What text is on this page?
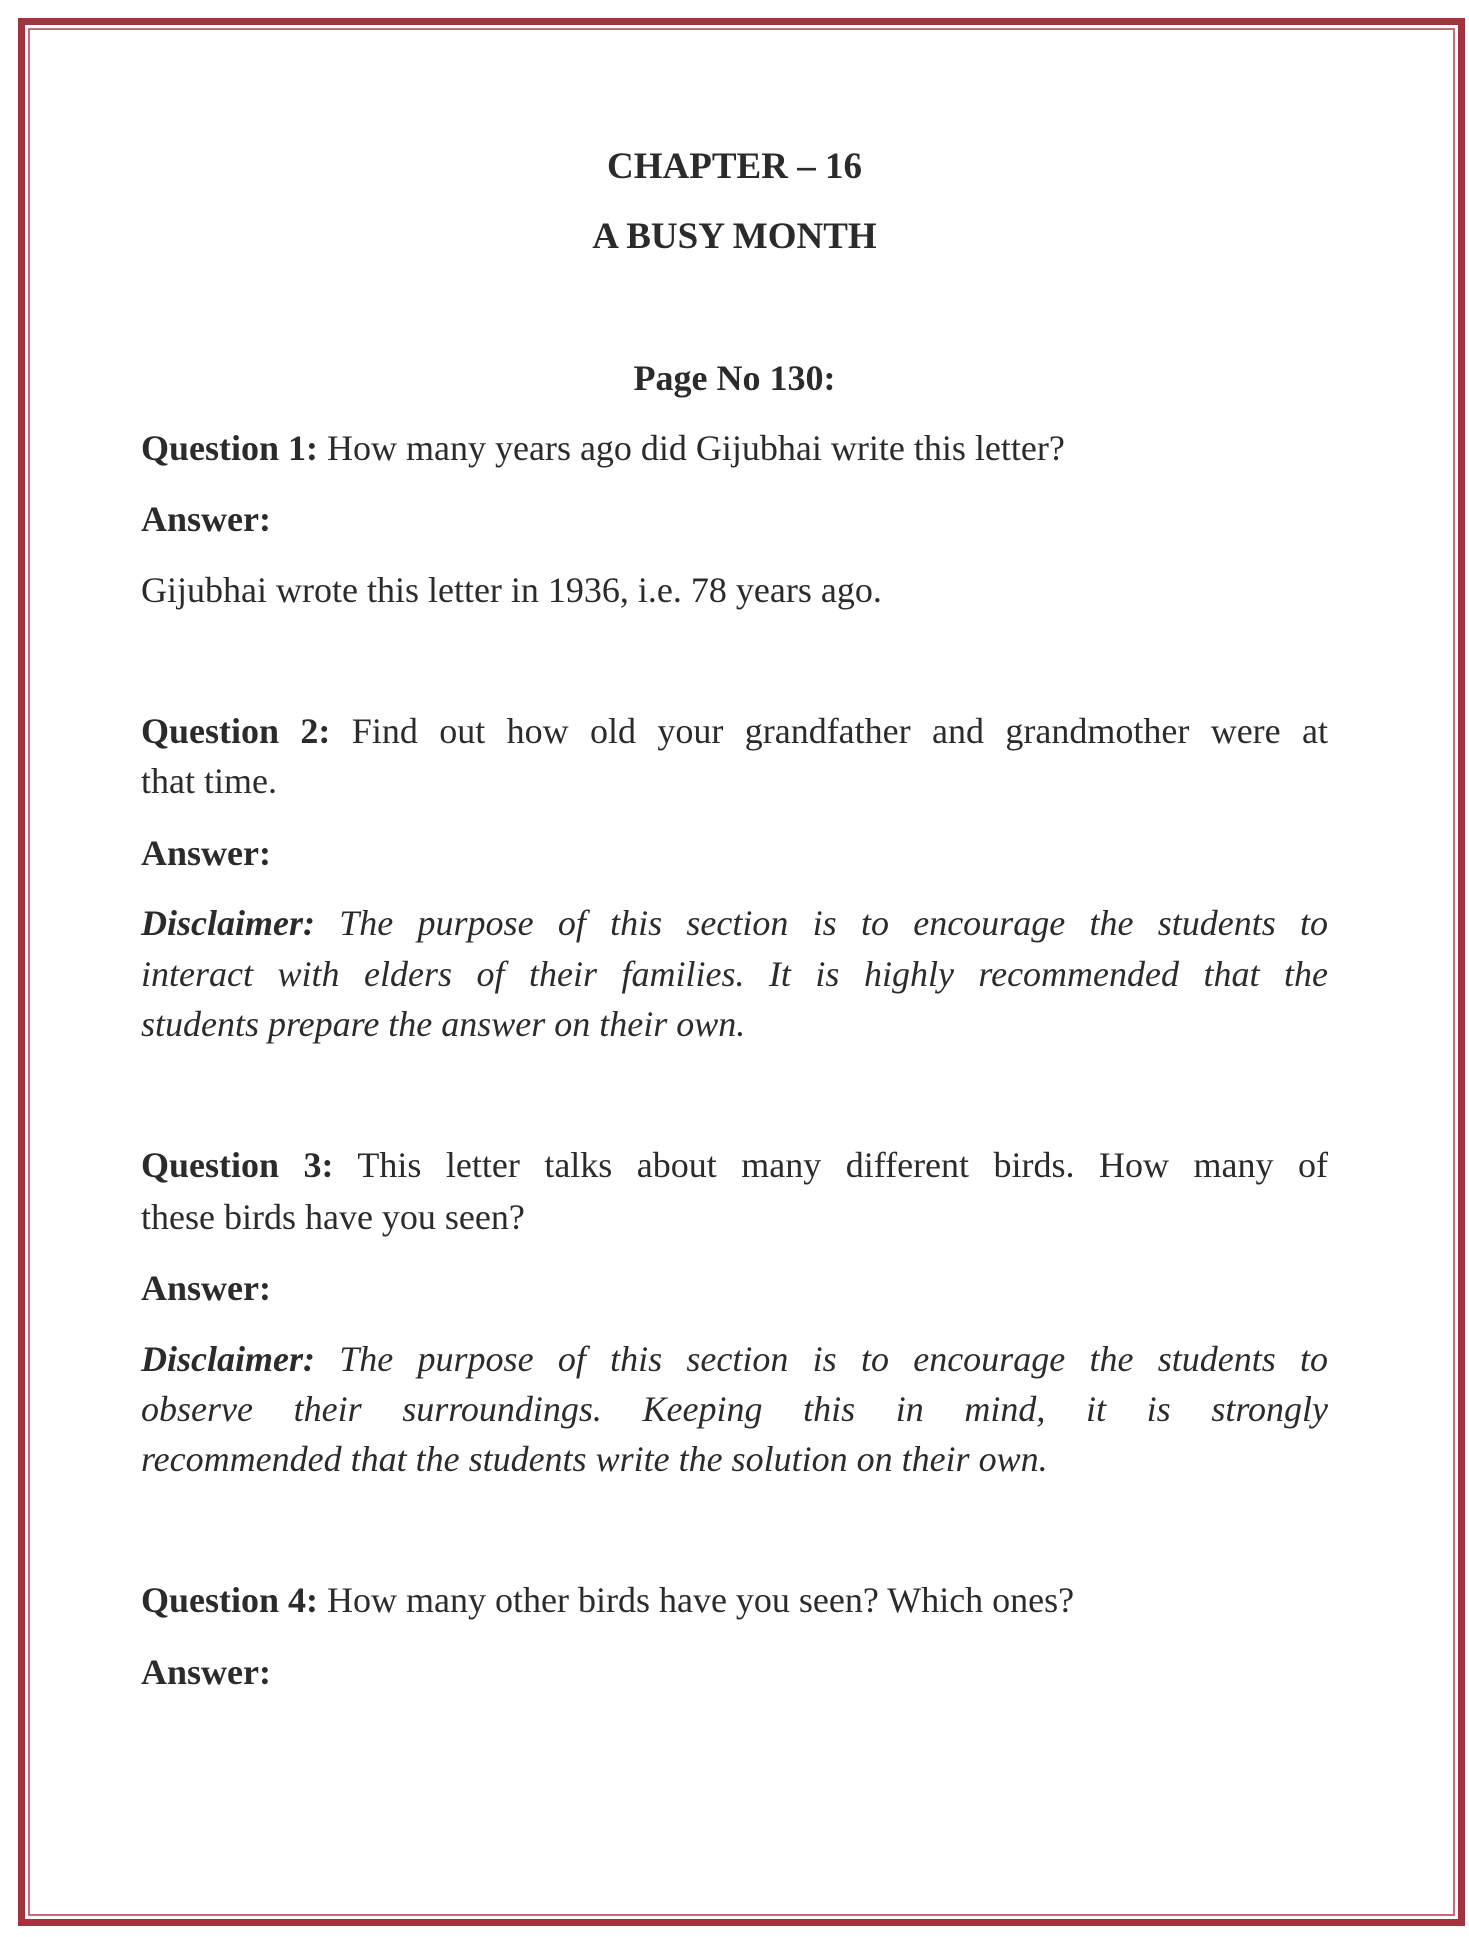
CHAPTER – 16
A BUSY MONTH
Page No 130:
Question 1: How many years ago did Gijubhai write this letter?
Answer:
Gijubhai wrote this letter in 1936, i.e. 78 years ago.
Question 2: Find out how old your grandfather and grandmother were at
that time.
Answer:
Disclaimer: The purpose of this section is to encourage the students to
interact with elders of their families. It is highly recommended that the
students prepare the answer on their own.
Question 3: This letter talks about many different birds. How many of
these birds have you seen?
Answer:
Disclaimer: The purpose of this section is to encourage the students to
observe their surroundings. Keeping this in mind, it is strongly
recommended that the students write the solution on their own.
Question 4: How many other birds have you seen? Which ones?
Answer:
